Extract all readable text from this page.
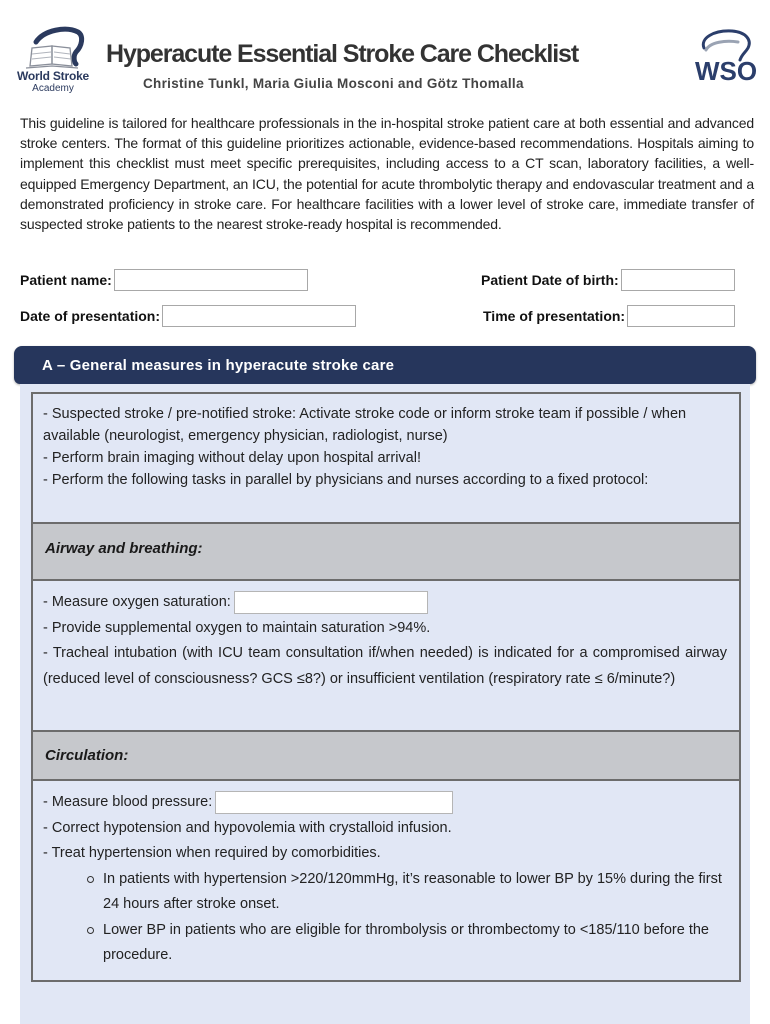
World Stroke
Academy
Hyperacute Essential Stroke Care Checklist
Christine Tunkl, Maria Giulia Mosconi and Götz Thomalla	WSO
This guideline is tailored for healthcare professionals in the in-hospital stroke patient care at both essential and advanced stroke centers. The format of this guideline prioritizes actionable, evidence-based recommendations. Hospitals aiming to implement this checklist must meet specific prerequisites, including access to a CT scan, laboratory facilities, a well-equipped Emergency Department, an ICU, the potential for acute thrombolytic therapy and endovascular treatment and a demonstrated proficiency in stroke care. For healthcare facilities with a lower level of stroke care, immediate transfer of suspected stroke patients to the nearest stroke-ready hospital is recommended.
Patient name:	Patient Date of birth:
Date of presentation:	Time of presentation:
A – General measures in hyperacute stroke care

- Suspected stroke / pre-notified stroke: Activate stroke code or inform stroke team if possible / when available (neurologist, emergency physician, radiologist, nurse)

- Perform brain imaging without delay upon hospital arrival!

- Perform the following tasks in parallel by physicians and nurses according to a fixed protocol:

Airway and breathing:

- Measure oxygen saturation:

- Provide supplemental oxygen to maintain saturation >94%.

- Tracheal intubation (with ICU team consultation if/when needed) is indicated for a compromised airway (reduced level of consciousness? GCS ≤8?) or insufficient ventilation (respiratory rate ≤ 6/minute?)

Circulation:

- Measure blood pressure:

- Correct hypotension and hypovolemia with crystalloid infusion.

- Treat hypertension when required by comorbidities.

In patients with hypertension >220/120mmHg, it’s reasonable to lower BP by 15% during the first 24 hours after stroke onset.
Lower BP in patients who are eligible for thrombolysis or thrombectomy to <185/110 before the procedure.
